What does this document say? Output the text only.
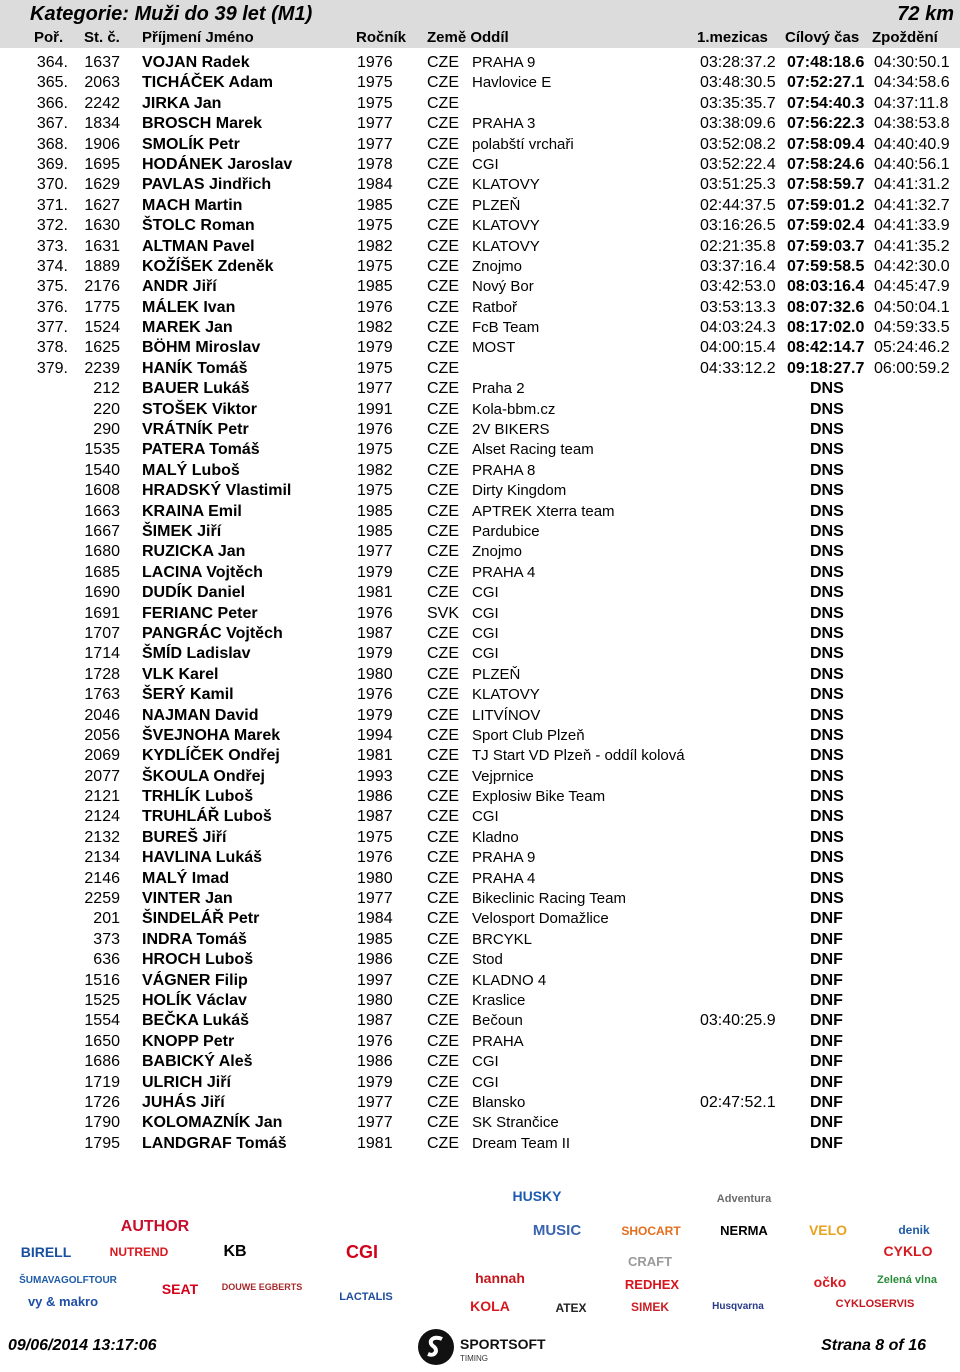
Kategorie: Muži do 39 let (M1)	72 km
Poř. St. č. Příjmení Jméno	Ročník Země Oddíl	1.mezicas Cílový čas Zpoždění
364.	1637 VOJAN Radek	1976 CZE PRAHA 9	03:28:37.2 07:48:18.6 04:30:50.1
365.	2063 TICHÁČEK Adam	1975 CZE Havlovice E	03:48:30.5 07:52:27.1 04:34:58.6
366.	2242 JIRKA Jan	1975 CZE	03:35:35.7 07:54:40.3 04:37:11.8
367.	1834 BROSCH Marek	1977 CZE PRAHA 3	03:38:09.6 07:56:22.3 04:38:53.8
368.	1906 SMOLÍK Petr	1977 CZE polabští vrchaři	03:52:08.2 07:58:09.4 04:40:40.9
369.	1695 HODÁNEK Jaroslav	1978 CZE CGI	03:52:22.4 07:58:24.6 04:40:56.1
370.	1629 PAVLAS Jindřich	1984 CZE KLATOVY	03:51:25.3 07:58:59.7 04:41:31.2
371.	1627 MACH Martin	1985 CZE PLZEŇ	02:44:37.5 07:59:01.2 04:41:32.7
372.	1630 ŠTOLC Roman	1975 CZE KLATOVY	03:16:26.5 07:59:02.4 04:41:33.9
373.	1631 ALTMAN Pavel	1982 CZE KLATOVY	02:21:35.8 07:59:03.7 04:41:35.2
374.	1889 KOŽÍŠEK Zdeněk	1975 CZE Znojmo	03:37:16.4 07:59:58.5 04:42:30.0
375.	2176 ANDR Jiří	1985 CZE Nový Bor	03:42:53.0 08:03:16.4 04:45:47.9
376.	1775 MÁLEK Ivan	1976 CZE Ratboř	03:53:13.3 08:07:32.6 04:50:04.1
377.	1524 MAREK Jan	1982 CZE FcB Team	04:03:24.3 08:17:02.0 04:59:33.5
378.	1625 BÖHM Miroslav	1979 CZE MOST	04:00:15.4 08:42:14.7 05:24:46.2
379.	2239 HANÍK Tomáš	1975 CZE	04:33:12.2 09:18:27.7 06:00:59.2
212 BAUER Lukáš	1977 CZE Praha 2	DNS
220 STOŠEK Viktor	1991 CZE Kola-bbm.cz	DNS
290 VRÁTNÍK Petr	1976 CZE 2V BIKERS	DNS
1535 PATERA Tomáš	1975 CZE Alset Racing team	DNS
1540 MALÝ Luboš	1982 CZE PRAHA 8	DNS
1608 HRADSKÝ Vlastimil	1975 CZE Dirty Kingdom	DNS
1663 KRAINA Emil	1985 CZE APTREK Xterra team	DNS
1667 ŠIMEK Jiří	1985 CZE Pardubice	DNS
1680 RUZICKA Jan	1977 CZE Znojmo	DNS
1685 LACINA Vojtěch	1979 CZE PRAHA 4	DNS
1690 DUDÍK Daniel	1981 CZE CGI	DNS
1691 FERIANC Peter	1976 SVK CGI	DNS
1707 PANGRÁC Vojtěch	1987 CZE CGI	DNS
1714 ŠMÍD Ladislav	1979 CZE CGI	DNS
1728 VLK Karel	1980 CZE PLZEŇ	DNS
1763 ŠERÝ Kamil	1976 CZE KLATOVY	DNS
2046 NAJMAN David	1979 CZE LITVÍNOV	DNS
2056 ŠVEJNOHA Marek	1994 CZE Sport Club Plzeň	DNS
2069 KYDLÍČEK Ondřej	1981 CZE TJ Start VD Plzeň - oddíl kolová	DNS
2077 ŠKOULA Ondřej	1993 CZE Vejprnice	DNS
2121 TRHLÍK Luboš	1986 CZE Explosiw Bike Team	DNS
2124 TRUHLÁŘ Luboš	1987 CZE CGI	DNS
2132 BUREŠ Jiří	1975 CZE Kladno	DNS
2134 HAVLINA Lukáš	1976 CZE PRAHA 9	DNS
2146 MALÝ Imad	1980 CZE PRAHA 4	DNS
2259 VINTER Jan	1977 CZE Bikeclinic Racing Team	DNS
201 ŠINDELÁŘ Petr	1984 CZE Velosport Domažlice	DNF
373 INDRA Tomáš	1985 CZE BRCYKL	DNF
636 HROCH Luboš	1986 CZE Stod	DNF
1516 VÁGNER Filip	1997 CZE KLADNO 4	DNF
1525 HOLÍK Václav	1980 CZE Kraslice	DNF
1554 BEČKA Lukáš	1987 CZE Bečoun	03:40:25.9 DNF
1650 KNOPP Petr	1976 CZE PRAHA	DNF
1686 BABICKÝ Aleš	1986 CZE CGI	DNF
1719 ULRICH Jiří	1979 CZE CGI	DNF
1726 JUHÁS Jiří	1977 CZE Blansko	02:47:52.1 DNF
1790 KOLOMAZNÍK Jan	1977 CZE SK Strančice	DNF
1795 LANDGRAF Tomáš	1981 CZE Dream Team II	DNF
AUTHOR
BIRELL	NUTREND	KB	CGI
ŠUMAVAGOLFTOUR
vy & makro
SEAT	DOUWE EGBERTS
LACTALIS
HUSKY
MUSIC	SHOCART	NERMA
hannah
CRAFT
REDHEX
KOLA	ATEX	SIMEK	Husqvarna
Adventura
VELO	denik
CYKLO
očko	Zelená vlna
CYKLOSERVIS
09/06/2014 13:17:06	SPORTSOFT
TIMING
Strana 8 of 16
